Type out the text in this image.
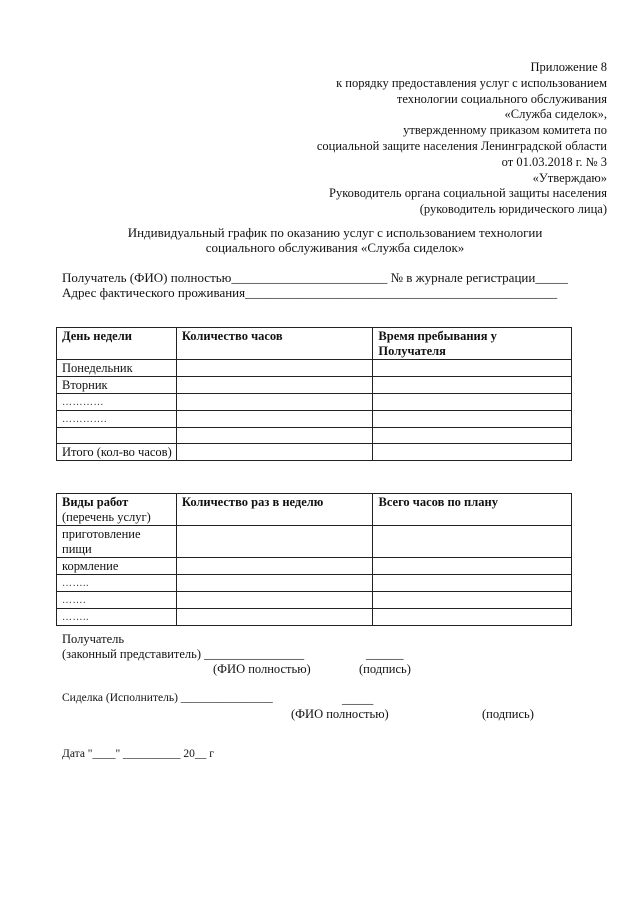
Приложение 8
к порядку предоставления услуг с использованием
технологии социального обслуживания
«Служба сиделок»,
утвержденному приказом комитета по
социальной защите населения Ленинградской области
от 01.03.2018 г. № 3
«Утверждаю»
Руководитель органа социальной защиты населения
(руководитель юридического лица)
Индивидуальный график по оказанию услуг с использованием технологии
социального обслуживания «Служба сиделок»
Получатель (ФИО) полностью________________________ № в журнале регистрации_____
Адрес фактического проживания________________________________________________
День недели	Количество часов	Время пребывания у Получателя
Понедельник		
Вторник		
…………		
………….		

Итого (кол-во часов)		
Виды работ
(перечень услуг)	Количество раз в неделю	Всего часов по плану
приготовление пищи		
кормление		
……..		
…….		
……..		
Получатель
(законный представитель) ________________	______
(ФИО полностью)	(подпись)
Сиделка (Исполнитель) ________________	_____
(ФИО полностью)	(подпись)
Дата "____" __________ 20__ г
